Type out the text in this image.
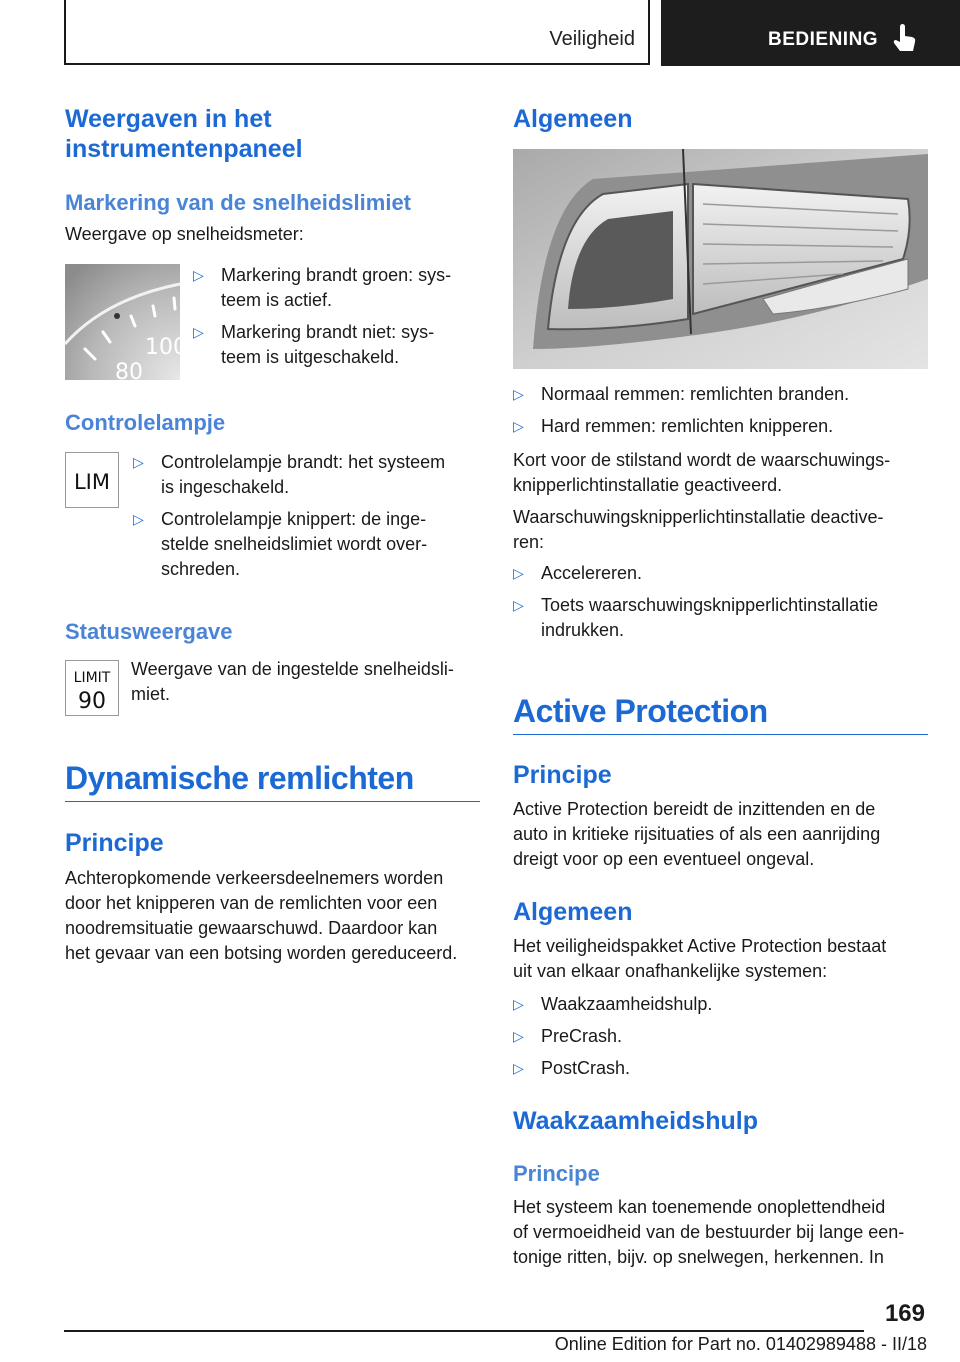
Veiligheid	BEDIENING
Weergaven in het instrumentenpaneel
Markering van de snelheidslimiet

Weergave op snelheidsmeter:

100
80
▷ Markering brandt groen: sys-
teem is actief.
▷ Markering brandt niet: sys-
teem is uitgeschakeld.
Controlelampje
LIM
▷ Controlelampje brandt: het systeem
is ingeschakeld.
▷ Controlelampje knippert: de inge-
stelde snelheidslimiet wordt over-
schreden.
Statusweergave
LIMIT
90

Weergave van de ingestelde snelheidsli-
miet.

Dynamische remlichten
Principe

Achteropkomende verkeersdeelnemers worden
door het knipperen van de remlichten voor een
noodremsituatie gewaarschuwd. Daardoor kan
het gevaar van een botsing worden gereduceerd.

Algemeen
▷ Normaal remmen: remlichten branden.
▷ Hard remmen: remlichten knipperen.

Kort voor de stilstand wordt de waarschuwings-
knipperlichtinstallatie geactiveerd.

Waarschuwingsknipperlichtinstallatie deactive-
ren:

▷ Accelereren.
▷ Toets waarschuwingsknipperlichtinstallatie
indrukken.
Active Protection
Principe

Active Protection bereidt de inzittenden en de
auto in kritieke rijsituaties of als een aanrijding
dreigt voor op een eventueel ongeval.

Algemeen

Het veiligheidspakket Active Protection bestaat
uit van elkaar onafhankelijke systemen:

▷ Waakzaamheidshulp.
▷ PreCrash.
▷ PostCrash.
Waakzaamheidshulp
Principe

Het systeem kan toenemende onoplettendheid
of vermoeidheid van de bestuurder bij lange een-
tonige ritten, bijv. op snelwegen, herkennen. In

169
Online Edition for Part no. 01402989488 - II/18
